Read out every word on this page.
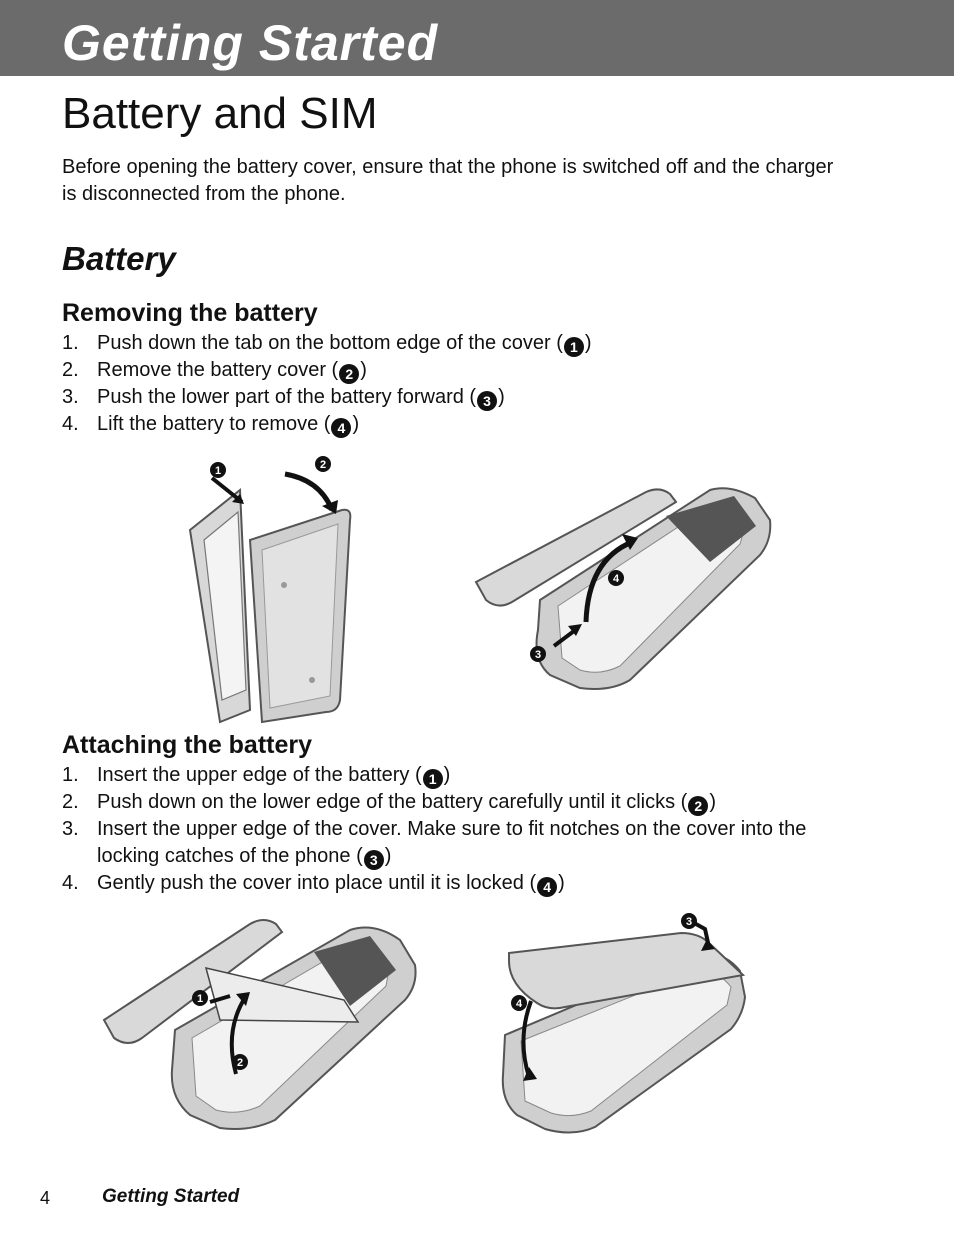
Getting Started
Battery and SIM
Before opening the battery cover, ensure that the phone is switched off and the charger is disconnected from the phone.
Battery
Removing the battery
1. Push down the tab on the bottom edge of the cover ( 1 )
2. Remove the battery cover ( 2 )
3. Push the lower part of the battery forward ( 3 )
4. Lift the battery to remove ( 4 )
1	2
4
3
Attaching the battery
1. Insert the upper edge of the battery ( 1 )
2. Push down on the lower edge of the battery carefully until it clicks ( 2 )
3. Insert the upper edge of the cover. Make sure to fit notches on the cover into the locking catches of the phone ( 3 )
4. Gently push the cover into place until it is locked ( 4 )
1
2
3
4
4	Getting Started
